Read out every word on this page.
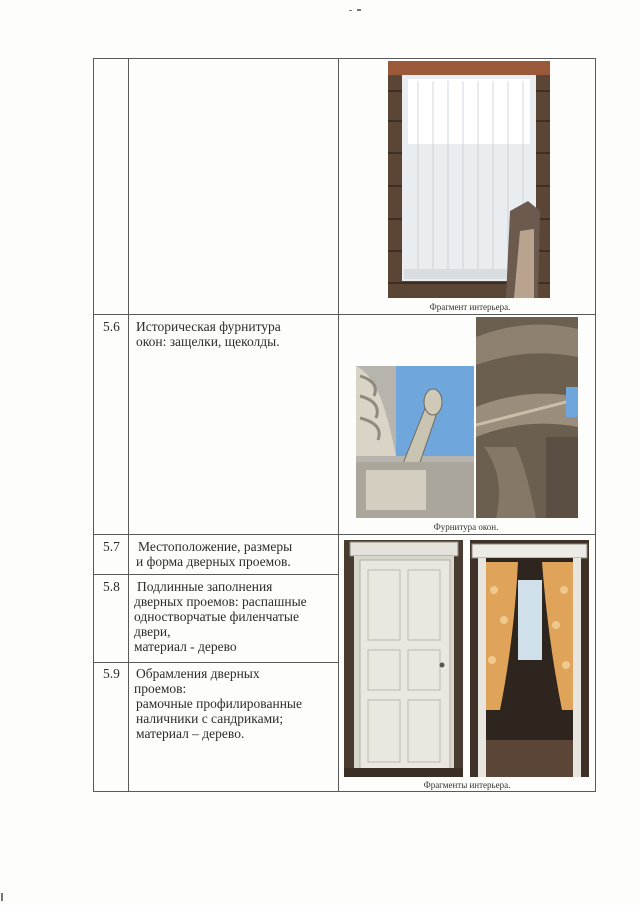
5.6 Историческая фурнитура
окон: защелки, щеколды.
5.7 Местоположение, размеры
и форма дверных проемов.
5.8 Подлинные заполнения
дверных проемов: распашные
одностворчатые филенчатые
двери,
материал - дерево
5.9 Обрамления дверных
проемов:
рамочные профилированные
наличники с сандриками;
материал – дерево.
Фрагмент интерьера.
Фурнитура окон.
Фрагменты интерьера.
